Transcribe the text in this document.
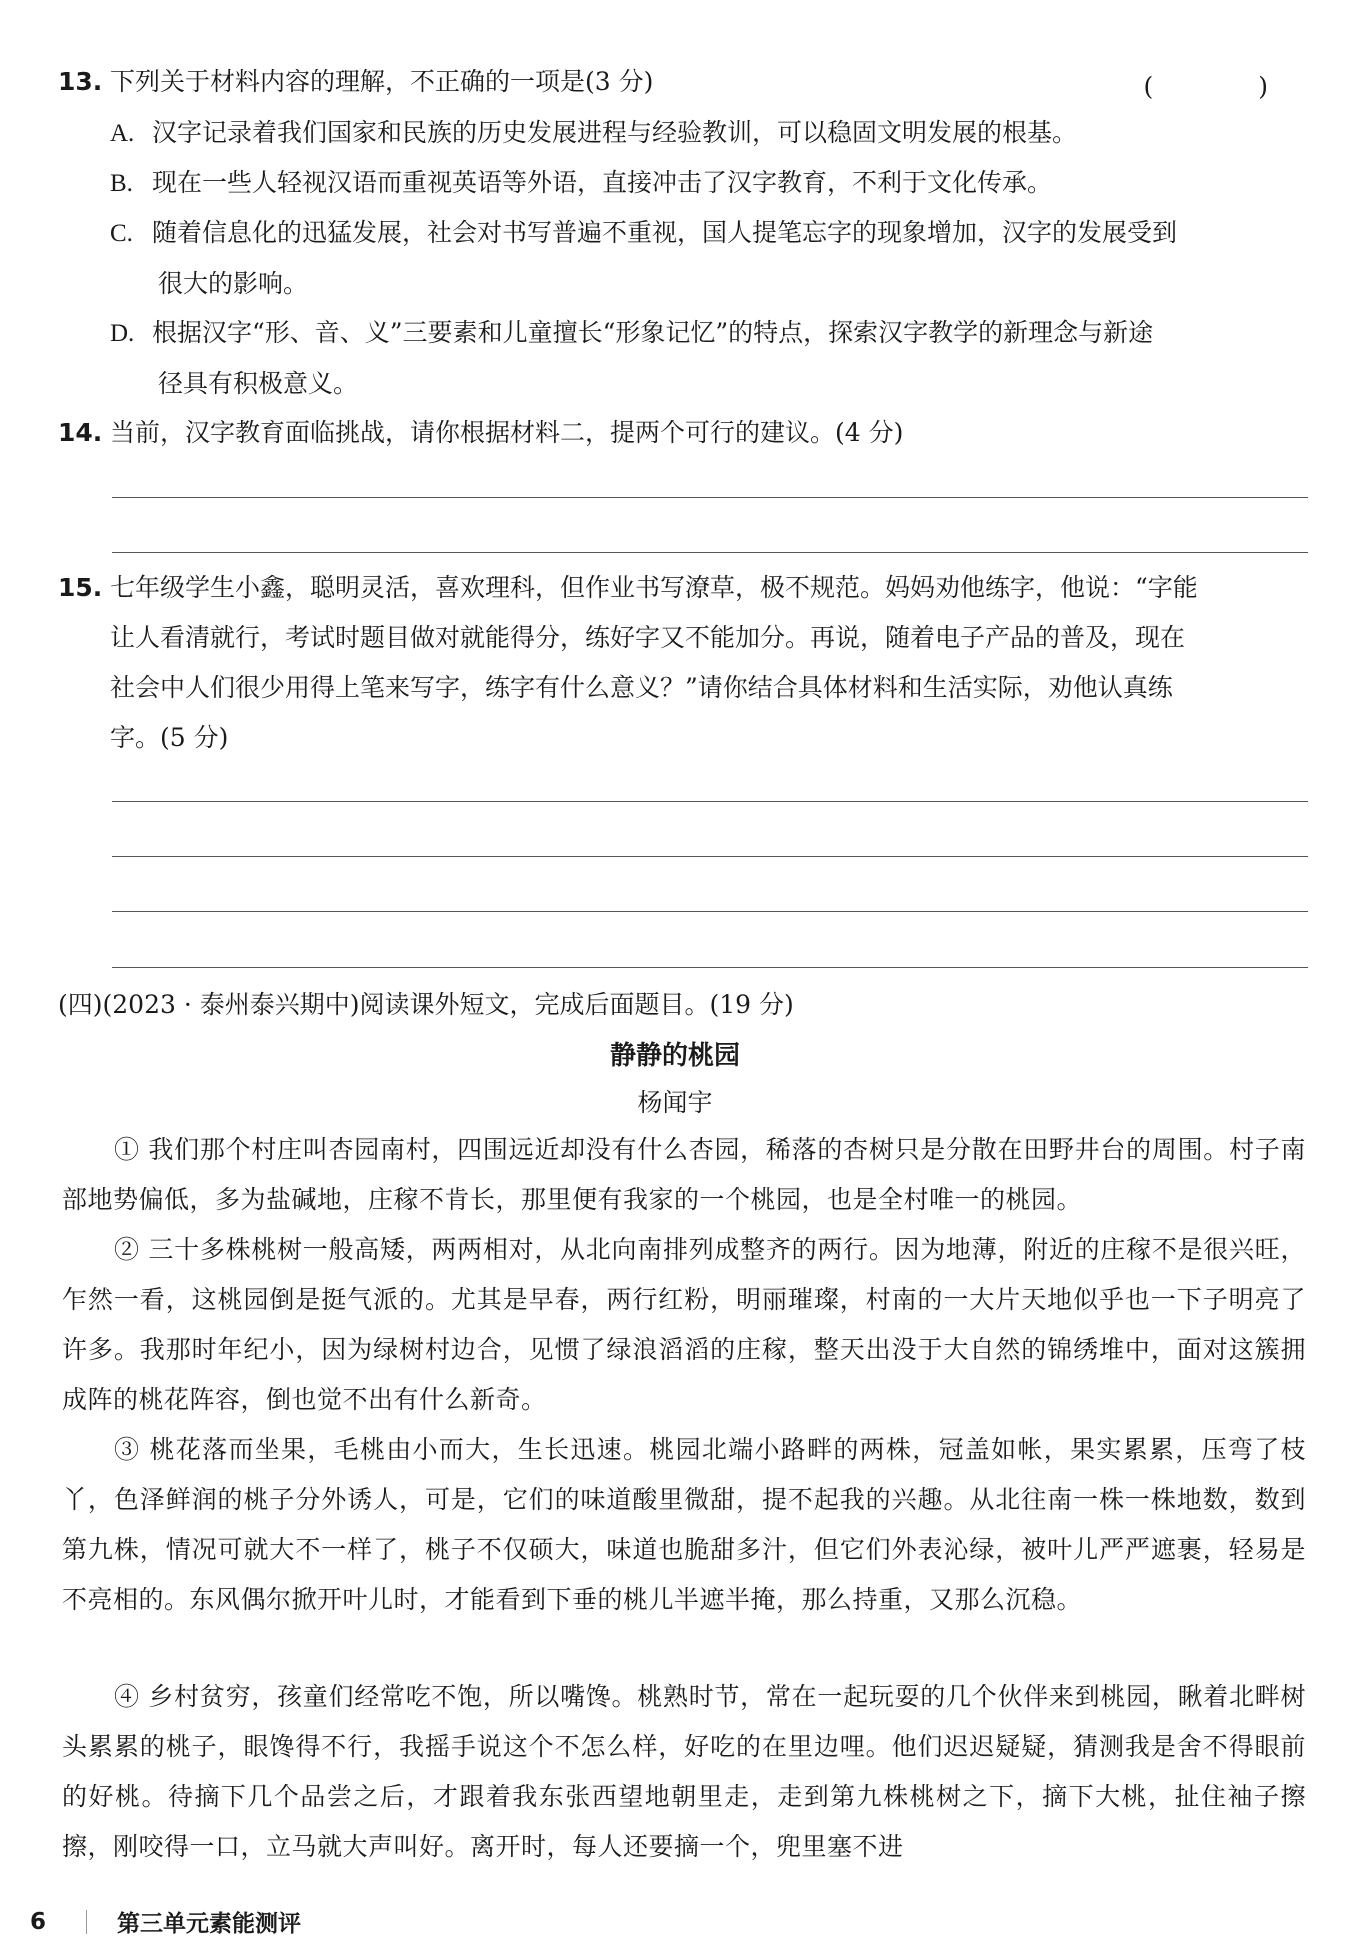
13. 下列关于材料内容的理解，不正确的一项是(3 分)	(　)
A. 汉字记录着我们国家和民族的历史发展进程与经验教训，可以稳固文明发展的根基。
B. 现在一些人轻视汉语而重视英语等外语，直接冲击了汉字教育，不利于文化传承。
C. 随着信息化的迅猛发展，社会对书写普遍不重视，国人提笔忘字的现象增加，汉字的发展受到
很大的影响。
D. 根据汉字“形、音、义”三要素和儿童擅长“形象记忆”的特点，探索汉字教学的新理念与新途
径具有积极意义。
14. 当前，汉字教育面临挑战，请你根据材料二，提两个可行的建议。(4 分)
15. 七年级学生小鑫，聪明灵活，喜欢理科，但作业书写潦草，极不规范。妈妈劝他练字，他说：“字能
让人看清就行，考试时题目做对就能得分，练好字又不能加分。再说，随着电子产品的普及，现在
社会中人们很少用得上笔来写字，练字有什么意义？”请你结合具体材料和生活实际，劝他认真练
字。(5 分)
(四)(2023 · 泰州泰兴期中)阅读课外短文，完成后面题目。(19 分)
静静的桃园
杨闻宇
① 我们那个村庄叫杏园南村，四围远近却没有什么杏园，稀落的杏树只是分散在田野井台的周围。村子南部地势偏低，多为盐碱地，庄稼不肯长，那里便有我家的一个桃园，也是全村唯一的桃园。
② 三十多株桃树一般高矮，两两相对，从北向南排列成整齐的两行。因为地薄，附近的庄稼不是很兴旺，乍然一看，这桃园倒是挺气派的。尤其是早春，两行红粉，明丽璀璨，村南的一大片天地似乎也一下子明亮了许多。我那时年纪小，因为绿树村边合，见惯了绿浪滔滔的庄稼，整天出没于大自然的锦绣堆中，面对这簇拥成阵的桃花阵容，倒也觉不出有什么新奇。
③ 桃花落而坐果，毛桃由小而大，生长迅速。桃园北端小路畔的两株，冠盖如帐，果实累累，压弯了枝丫，色泽鲜润的桃子分外诱人，可是，它们的味道酸里微甜，提不起我的兴趣。从北往南一株一株地数，数到第九株，情况可就大不一样了，桃子不仅硕大，味道也脆甜多汁，但它们外表沁绿，被叶儿严严遮裹，轻易是不亮相的。东风偶尔掀开叶儿时，才能看到下垂的桃儿半遮半掩，那么持重，又那么沉稳。
④ 乡村贫穷，孩童们经常吃不饱，所以嘴馋。桃熟时节，常在一起玩耍的几个伙伴来到桃园，瞅着北畔树头累累的桃子，眼馋得不行，我摇手说这个不怎么样，好吃的在里边哩。他们迟迟疑疑，猜测我是舍不得眼前的好桃。待摘下几个品尝之后，才跟着我东张西望地朝里走，走到第九株桃树之下，摘下大桃，扯住袖子擦擦，刚咬得一口，立马就大声叫好。离开时，每人还要摘一个，兜里塞不进
6	第三单元素能测评
